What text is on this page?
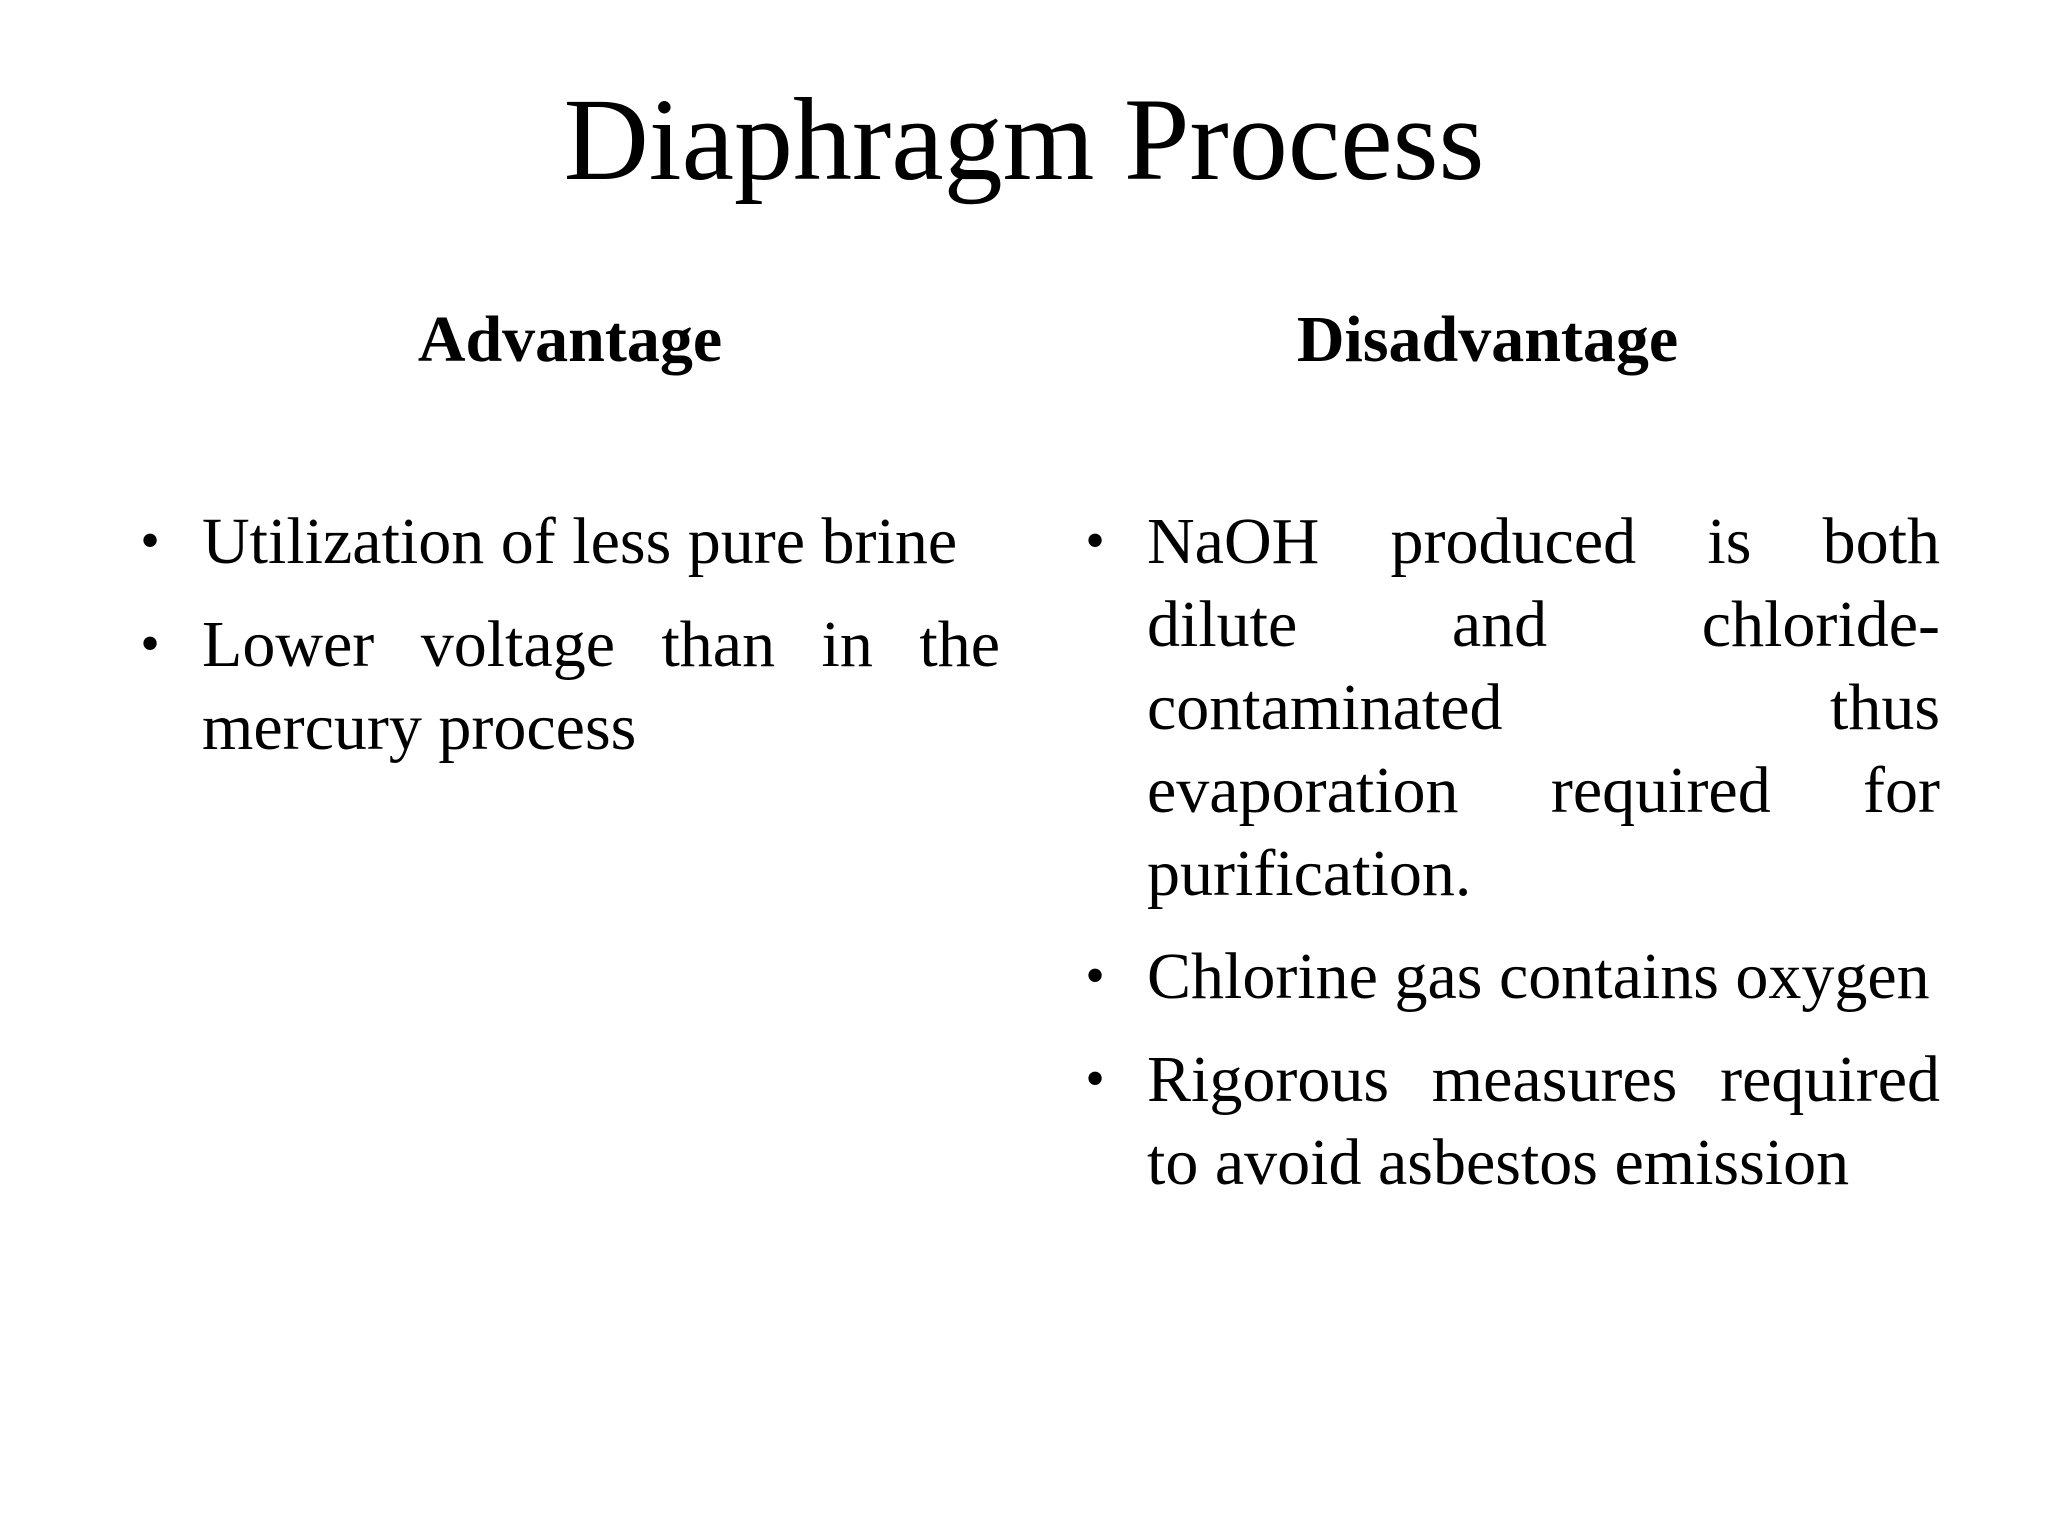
Diaphragm Process
Advantage
• Utilization of less pure brine
• Lower voltage than in the mercury process
Disadvantage
• NaOH produced is both dilute and chloride-contaminated thus evaporation required for purification.
• Chlorine gas contains oxygen
• Rigorous measures required to avoid asbestos emission
